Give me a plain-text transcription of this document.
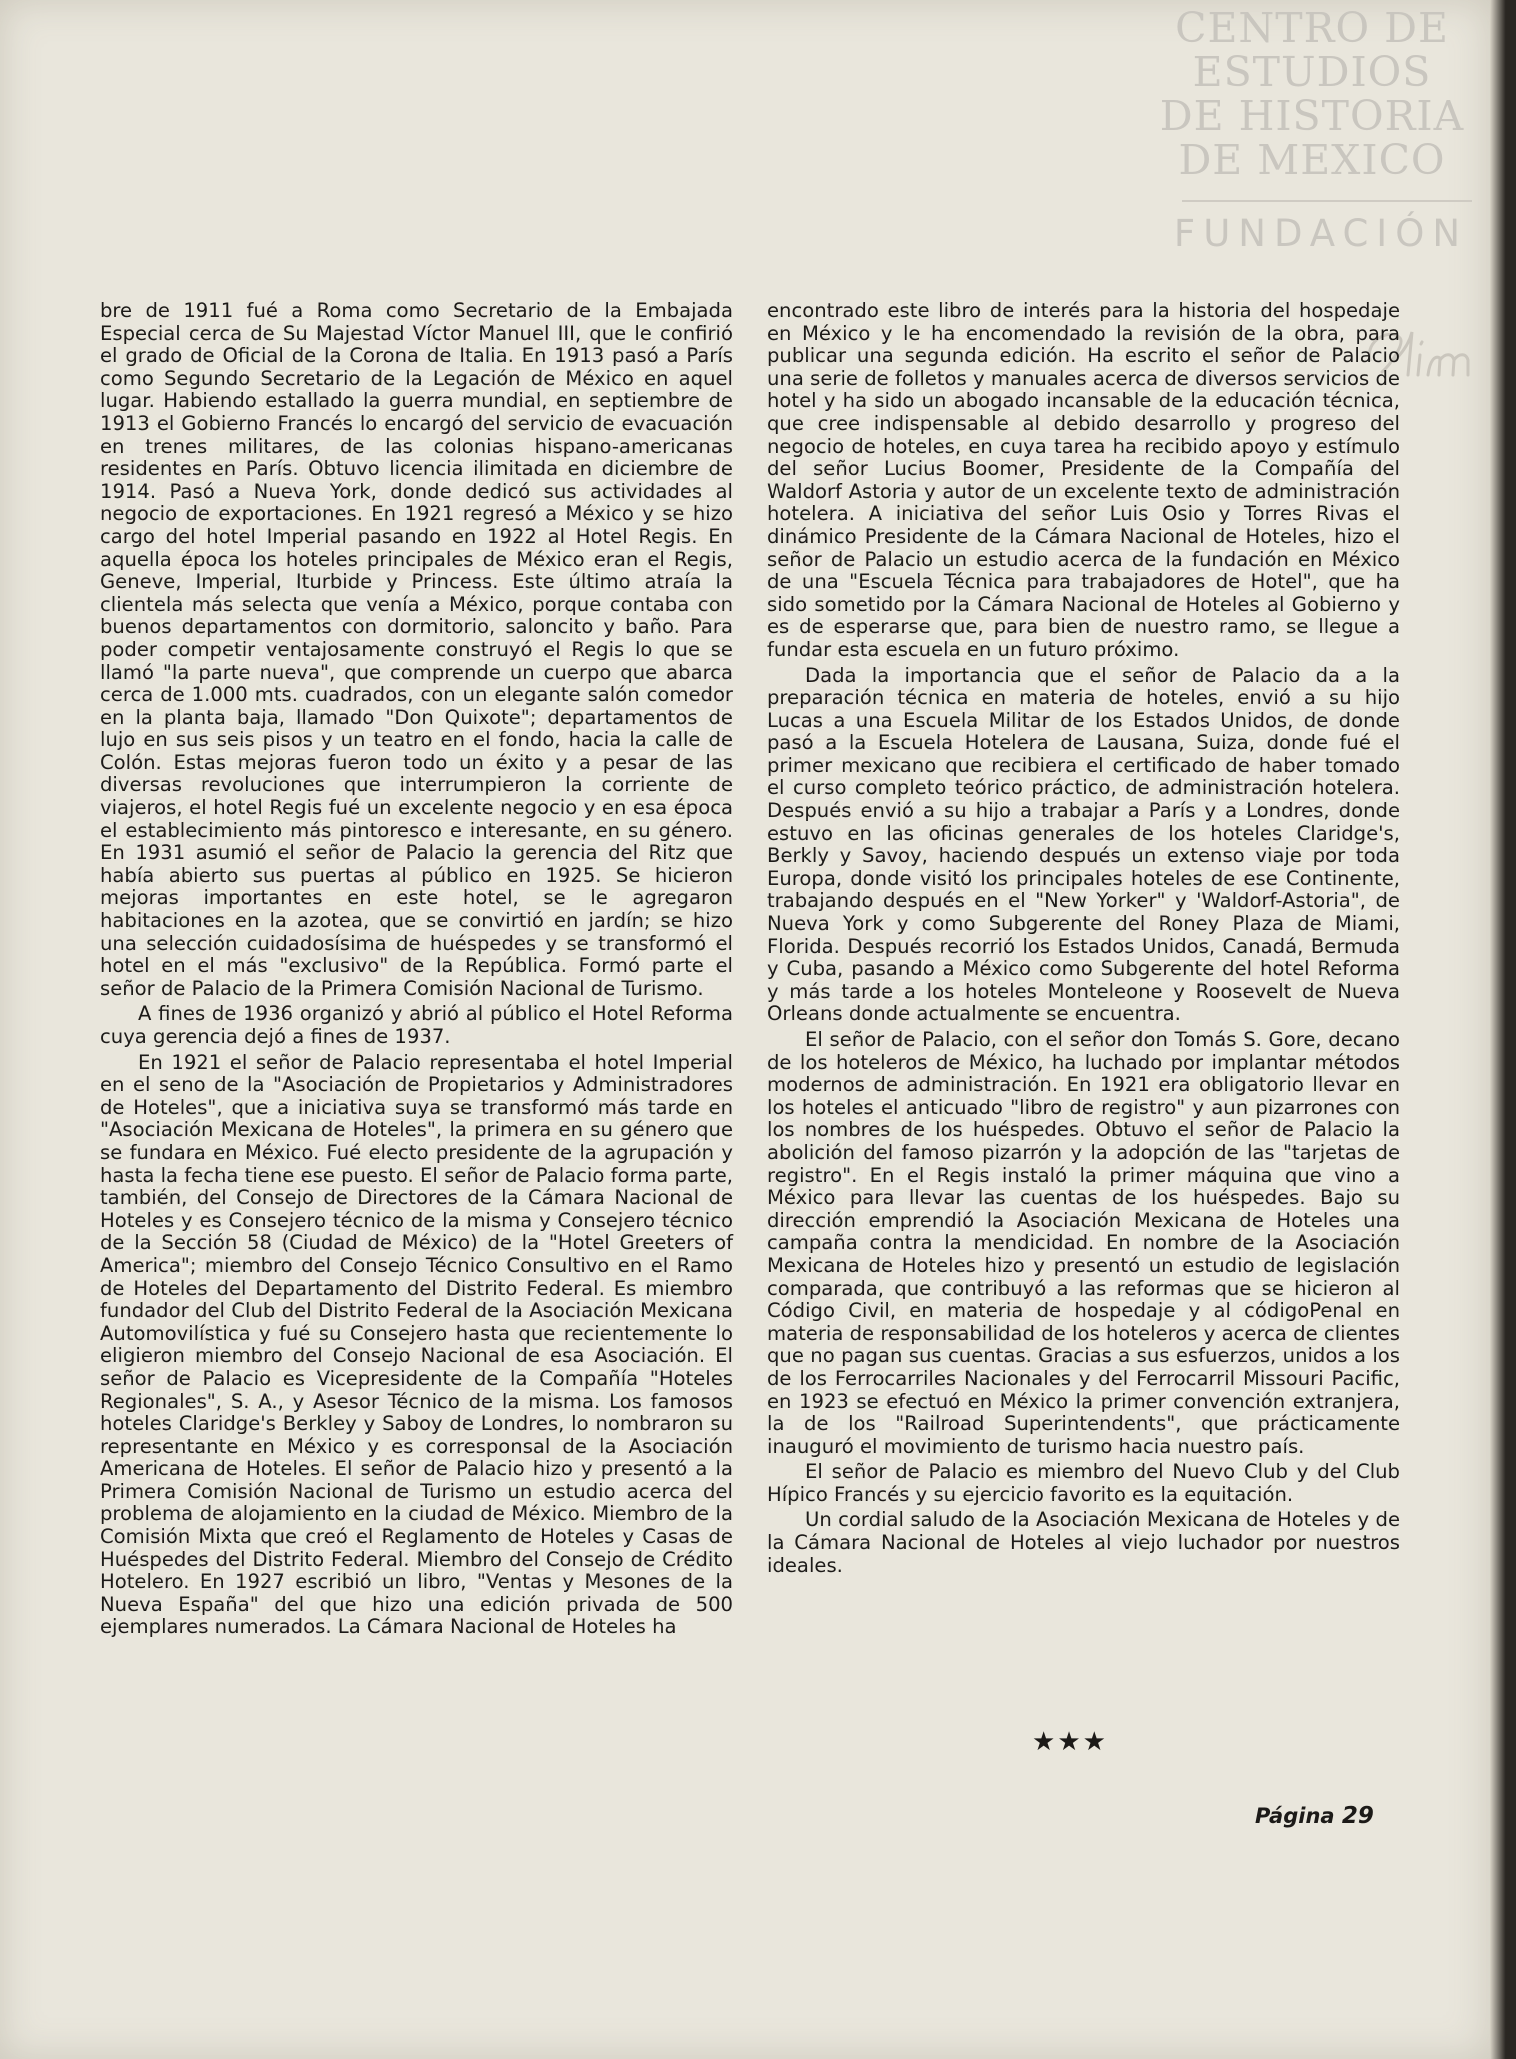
CENTRO DE
ESTUDIOS
DE HISTORIA
DE MEXICO
FUNDACIÓN

bre de 1911 fué a Roma como Secretario de la Embajada Especial cerca de Su Majestad Víctor Manuel III, que le confirió el grado de Oficial de la Corona de Italia. En 1913 pasó a París como Segundo Secretario de la Legación de México en aquel lugar. Habiendo estallado la guerra mundial, en septiembre de 1913 el Gobierno Francés lo encargó del servicio de evacuación en trenes militares, de las colonias hispano-americanas residentes en París. Obtuvo licencia ilimitada en diciembre de 1914. Pasó a Nueva York, donde dedicó sus actividades al negocio de exportaciones. En 1921 regresó a México y se hizo cargo del hotel Imperial pasando en 1922 al Hotel Regis. En aquella época los hoteles principales de México eran el Regis, Geneve, Imperial, Iturbide y Princess. Este último atraía la clientela más selecta que venía a México, porque contaba con buenos departamentos con dormitorio, saloncito y baño. Para poder competir ventajosamente construyó el Regis lo que se llamó "la parte nueva", que comprende un cuerpo que abarca cerca de 1.000 mts. cuadrados, con un elegante salón comedor en la planta baja, llamado "Don Quixote"; departamentos de lujo en sus seis pisos y un teatro en el fondo, hacia la calle de Colón. Estas mejoras fueron todo un éxito y a pesar de las diversas revoluciones que interrumpieron la corriente de viajeros, el hotel Regis fué un excelente negocio y en esa época el establecimiento más pintoresco e interesante, en su género. En 1931 asumió el señor de Palacio la gerencia del Ritz que había abierto sus puertas al público en 1925. Se hicieron mejoras importantes en este hotel, se le agregaron habitaciones en la azotea, que se convirtió en jardín; se hizo una selección cuidadosísima de huéspedes y se transformó el hotel en el más "exclusivo" de la República. Formó parte el señor de Palacio de la Primera Comisión Nacional de Turismo.

A fines de 1936 organizó y abrió al público el Hotel Reforma cuya gerencia dejó a fines de 1937.

En 1921 el señor de Palacio representaba el hotel Imperial en el seno de la "Asociación de Propietarios y Administradores de Hoteles", que a iniciativa suya se transformó más tarde en "Asociación Mexicana de Hoteles", la primera en su género que se fundara en México. Fué electo presidente de la agrupación y hasta la fecha tiene ese puesto. El señor de Palacio forma parte, también, del Consejo de Directores de la Cámara Nacional de Hoteles y es Consejero técnico de la misma y Consejero técnico de la Sección 58 (Ciudad de México) de la "Hotel Greeters of America"; miembro del Consejo Técnico Consultivo en el Ramo de Hoteles del Departamento del Distrito Federal. Es miembro fundador del Club del Distrito Federal de la Asociación Mexicana Automovilística y fué su Consejero hasta que recientemente lo eligieron miembro del Consejo Nacional de esa Asociación. El señor de Palacio es Vicepresidente de la Compañía "Hoteles Regionales", S. A., y Asesor Técnico de la misma. Los famosos hoteles Claridge's Berkley y Saboy de Londres, lo nombraron su representante en México y es corresponsal de la Asociación Americana de Hoteles. El señor de Palacio hizo y presentó a la Primera Comisión Nacional de Turismo un estudio acerca del problema de alojamiento en la ciudad de México. Miembro de la Comisión Mixta que creó el Reglamento de Hoteles y Casas de Huéspedes del Distrito Federal. Miembro del Consejo de Crédito Hotelero. En 1927 escribió un libro, "Ventas y Mesones de la Nueva España" del que hizo una edición privada de 500 ejemplares numerados. La Cámara Nacional de Hoteles ha

encontrado este libro de interés para la historia del hospedaje en México y le ha encomendado la revisión de la obra, para publicar una segunda edición. Ha escrito el señor de Palacio una serie de folletos y manuales acerca de diversos servicios de hotel y ha sido un abogado incansable de la educación técnica, que cree indispensable al debido desarrollo y progreso del negocio de hoteles, en cuya tarea ha recibido apoyo y estímulo del señor Lucius Boomer, Presidente de la Compañía del Waldorf Astoria y autor de un excelente texto de administración hotelera. A iniciativa del señor Luis Osio y Torres Rivas el dinámico Presidente de la Cámara Nacional de Hoteles, hizo el señor de Palacio un estudio acerca de la fundación en México de una "Escuela Técnica para trabajadores de Hotel", que ha sido sometido por la Cámara Nacional de Hoteles al Gobierno y es de esperarse que, para bien de nuestro ramo, se llegue a fundar esta escuela en un futuro próximo.

Dada la importancia que el señor de Palacio da a la preparación técnica en materia de hoteles, envió a su hijo Lucas a una Escuela Militar de los Estados Unidos, de donde pasó a la Escuela Hotelera de Lausana, Suiza, donde fué el primer mexicano que recibiera el certificado de haber tomado el curso completo teórico práctico, de administración hotelera. Después envió a su hijo a trabajar a París y a Londres, donde estuvo en las oficinas generales de los hoteles Claridge's, Berkly y Savoy, haciendo después un extenso viaje por toda Europa, donde visitó los principales hoteles de ese Continente, trabajando después en el "New Yorker" y 'Waldorf-Astoria", de Nueva York y como Subgerente del Roney Plaza de Miami, Florida. Después recorrió los Estados Unidos, Canadá, Bermuda y Cuba, pasando a México como Subgerente del hotel Reforma y más tarde a los hoteles Monteleone y Roosevelt de Nueva Orleans donde actualmente se encuentra.

El señor de Palacio, con el señor don Tomás S. Gore, decano de los hoteleros de México, ha luchado por implantar métodos modernos de administración. En 1921 era obligatorio llevar en los hoteles el anticuado "libro de registro" y aun pizarrones con los nombres de los huéspedes. Obtuvo el señor de Palacio la abolición del famoso pizarrón y la adopción de las "tarjetas de registro". En el Regis instaló la primer máquina que vino a México para llevar las cuentas de los huéspedes. Bajo su dirección emprendió la Asociación Mexicana de Hoteles una campaña contra la mendicidad. En nombre de la Asociación Mexicana de Hoteles hizo y presentó un estudio de legislación comparada, que contribuyó a las reformas que se hicieron al Código Civil, en materia de hospedaje y al códigoPenal en materia de responsabilidad de los hoteleros y acerca de clientes que no pagan sus cuentas. Gracias a sus esfuerzos, unidos a los de los Ferrocarriles Nacionales y del Ferrocarril Missouri Pacific, en 1923 se efectuó en México la primer convención extranjera, la de los "Railroad Superintendents", que prácticamente inauguró el movimiento de turismo hacia nuestro país.

El señor de Palacio es miembro del Nuevo Club y del Club Hípico Francés y su ejercicio favorito es la equitación.

Un cordial saludo de la Asociación Mexicana de Hoteles y de la Cámara Nacional de Hoteles al viejo luchador por nuestros ideales.

★★★
Página 29
